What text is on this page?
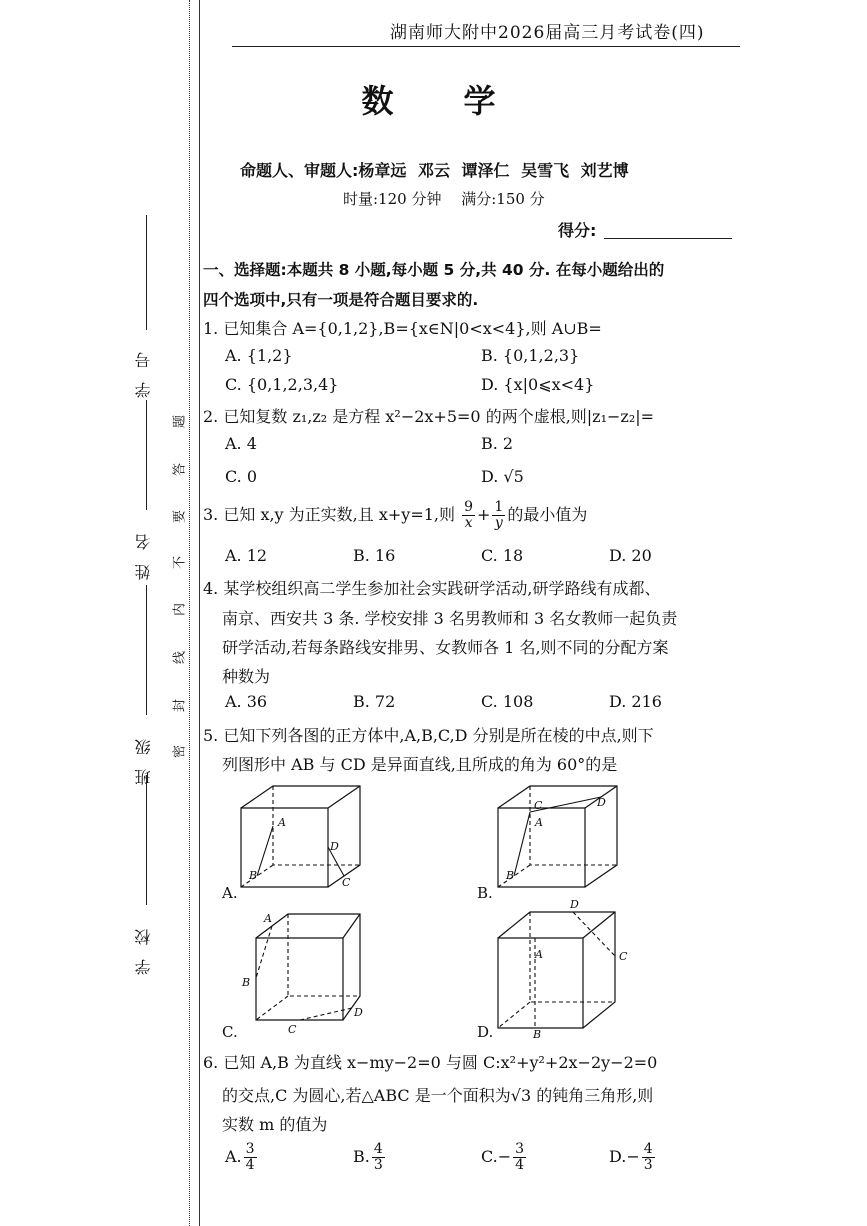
学号
姓名
班级
学校
题
答
要
不
内
线
封
密
湖南师大附中2026届高三月考试卷(四)
数学
命题人、审题人:杨章远 邓云 谭泽仁 吴雪飞 刘艺博
时量:120 分钟　 满分:150 分
得分:
一、选择题:本题共 8 小题,每小题 5 分,共 40 分. 在每小题给出的
四个选项中,只有一项是符合题目要求的.
1. 已知集合 A={0,1,2},B={x∈N|0<x<4},则 A∪B=
A. {1,2}	B. {0,1,2,3}
C. {0,1,2,3,4}	D. {x|0⩽x<4}
2. 已知复数 z₁,z₂ 是方程 x²−2x+5=0 的两个虚根,则|z₁−z₂|=
A. 4	B. 2
C. 0	D. √5
3. 已知 x,y 为正实数,且 x+y=1,则 $\frac{9}{x} + \frac{1}{y}$ 的最小值为
A. 12	B. 16	C. 18	D. 20
4. 某学校组织高二学生参加社会实践研学活动,研学路线有成都、
南京、西安共 3 条. 学校安排 3 名男教师和 3 名女教师一起负责
研学活动,若每条路线安排男、女教师各 1 名,则不同的分配方案
种数为
A. 36	B. 72	C. 108	D. 216
5. 已知下列各图的正方体中,A,B,C,D 分别是所在棱的中点,则下
列图形中 AB 与 CD 是异面直线,且所成的角为 60°的是
A
B
C
D
A.
A
B
C	D
B.
A
B
C
D
C.
A
B
C
D
D.
6. 已知 A,B 为直线 x−my−2=0 与圆 C:x²+y²+2x−2y−2=0
的交点,C 为圆心,若△ABC 是一个面积为√3 的钝角三角形,则
实数 m 的值为
A. $\frac{3}{4}$	B. $\frac{4}{3}$	$C.- \frac{3}{4}$	$D.- \frac{4}{3}$
